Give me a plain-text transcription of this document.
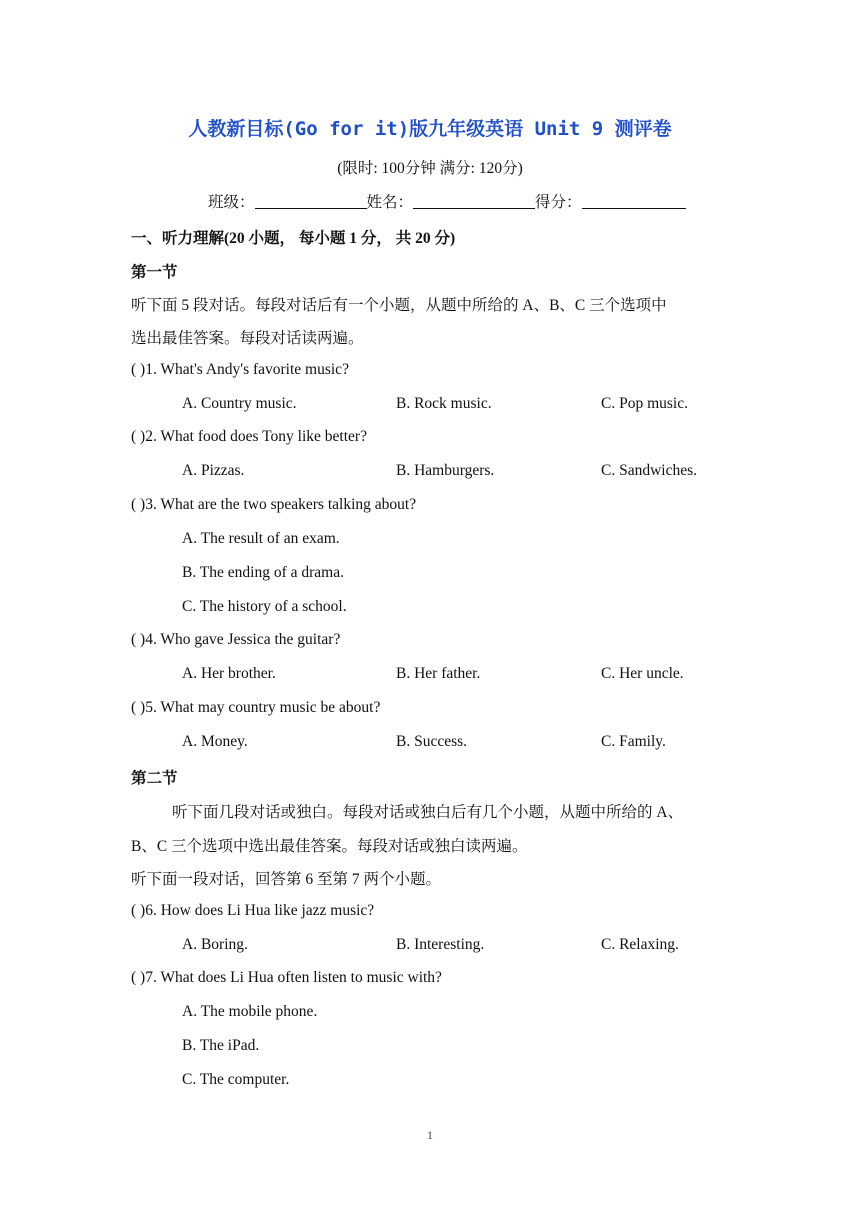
人教新目标(Go for it)版九年级英语 Unit 9 测评卷
(限时: 100分钟 满分: 120分)
班级：	姓名：	得分：
一、听力理解(20 小题， 每小题 1 分， 共 20 分)
第一节
听下面 5 段对话。每段对话后有一个小题，从题中所给的 A、B、C 三个选项中
选出最佳答案。每段对话读两遍。
( )1. What's Andy's favorite music?
A. Country music.	B. Rock music.	C. Pop music.
( )2. What food does Tony like better?
A. Pizzas.	B. Hamburgers.	C. Sandwiches.
( )3. What are the two speakers talking about?
A. The result of an exam.
B. The ending of a drama.
C. The history of a school.
( )4. Who gave Jessica the guitar?
A. Her brother.	B. Her father.	C. Her uncle.
( )5. What may country music be about?
A. Money.	B. Success.	C. Family.
第二节
听下面几段对话或独白。每段对话或独白后有几个小题，从题中所给的 A、
B、C 三个选项中选出最佳答案。每段对话或独白读两遍。
听下面一段对话，回答第 6 至第 7 两个小题。
( )6. How does Li Hua like jazz music?
A. Boring.	B. Interesting.	C. Relaxing.
( )7. What does Li Hua often listen to music with?
A. The mobile phone.
B. The iPad.
C. The computer.
1
